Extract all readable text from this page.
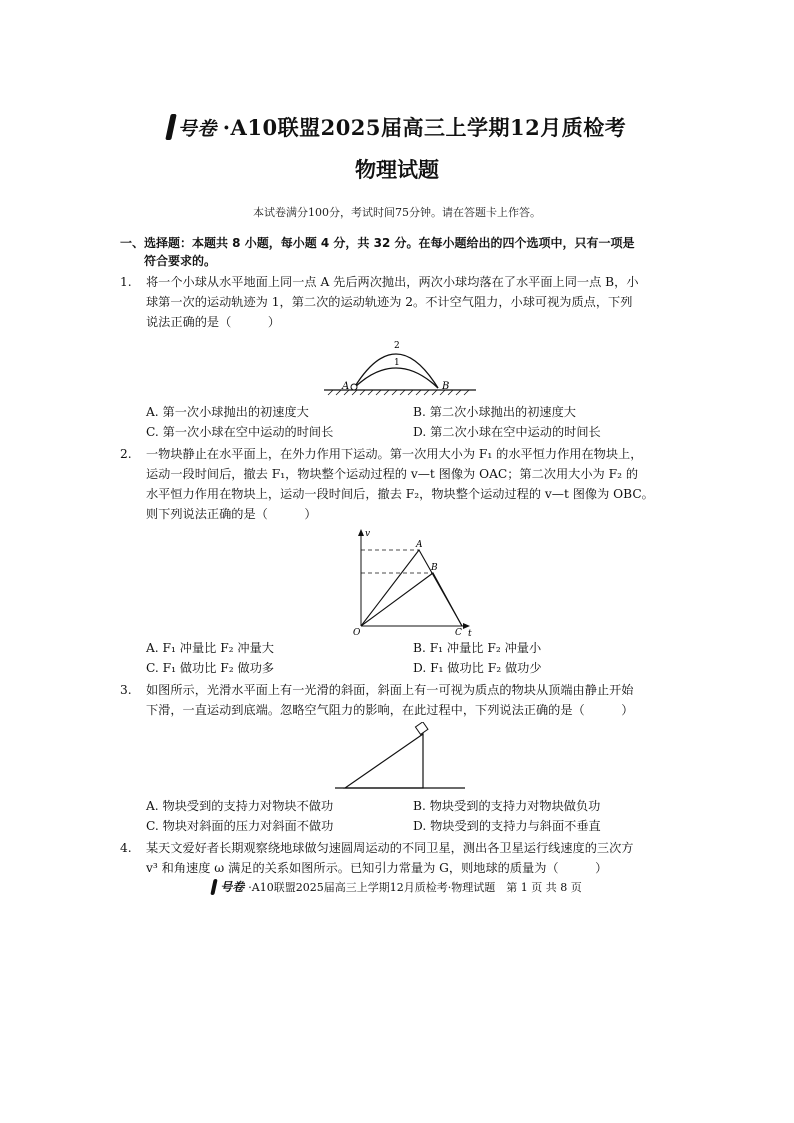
号卷 ·A10联盟2025届高三上学期12月质检考
物理试题
本试卷满分100分，考试时间75分钟。请在答题卡上作答。
一、选择题：本题共 8 小题，每小题 4 分，共 32 分。在每小题给出的四个选项中，只有一项是
符合要求的。
1.	将一个小球从水平地面上同一点 A 先后两次抛出，两次小球均落在了水平面上同一点 B，小
球第一次的运动轨迹为 1，第二次的运动轨迹为 2。不计空气阻力，小球可视为质点，下列
说法正确的是（　　　）
A	B
1
2
A. 第一次小球抛出的初速度大	B. 第二次小球抛出的初速度大
C. 第一次小球在空中运动的时间长	D. 第二次小球在空中运动的时间长
2.	一物块静止在水平面上，在外力作用下运动。第一次用大小为 F₁ 的水平恒力作用在物块上，
运动一段时间后，撤去 F₁，物块整个运动过程的 v—t 图像为 OAC；第二次用大小为 F₂ 的
水平恒力作用在物块上，运动一段时间后，撤去 F₂，物块整个运动过程的 v—t 图像为 OBC。
则下列说法正确的是（　　　）
v
t
O
A
B
C
A. F₁ 冲量比 F₂ 冲量大	B. F₁ 冲量比 F₂ 冲量小
C. F₁ 做功比 F₂ 做功多	D. F₁ 做功比 F₂ 做功少
3.	如图所示，光滑水平面上有一光滑的斜面，斜面上有一可视为质点的物块从顶端由静止开始
下滑，一直运动到底端。忽略空气阻力的影响，在此过程中，下列说法正确的是（　　　）
A. 物块受到的支持力对物块不做功	B. 物块受到的支持力对物块做负功
C. 物块对斜面的压力对斜面不做功	D. 物块受到的支持力与斜面不垂直
4.	某天文爱好者长期观察绕地球做匀速圆周运动的不同卫星，测出各卫星运行线速度的三次方
v³ 和角速度 ω 满足的关系如图所示。已知引力常量为 G，则地球的质量为（　　　）
号卷 ·A10联盟2025届高三上学期12月质检考·物理试题　第 1 页 共 8 页
